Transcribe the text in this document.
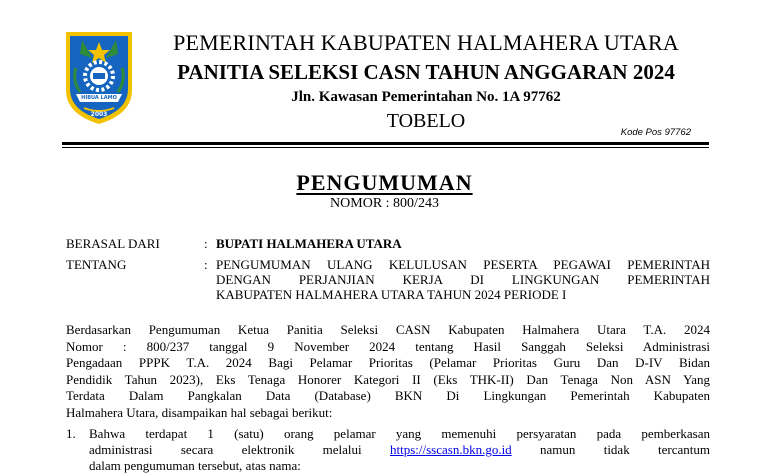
HIBUA LAMO
2003
PEMERINTAH KABUPATEN HALMAHERA UTARA
PANITIA SELEKSI CASN TAHUN ANGGARAN 2024
Jln. Kawasan Pemerintahan No. 1A 97762
TOBELO
Kode Pos 97762
PENGUMUMAN
NOMOR : 800/243
BERASAL DARI	: BUPATI HALMAHERA UTARA
TENTANG	: PENGUMUMAN ULANG KELULUSAN PESERTA PEGAWAI PEMERINTAH
DENGAN PERJANJIAN KERJA DI LINGKUNGAN PEMERINTAH
KABUPATEN HALMAHERA UTARA TAHUN 2024 PERIODE I
Berdasarkan Pengumuman Ketua Panitia Seleksi CASN Kabupaten Halmahera Utara T.A. 2024
Nomor : 800/237 tanggal 9 November 2024 tentang Hasil Sanggah Seleksi Administrasi
Pengadaan PPPK T.A. 2024 Bagi Pelamar Prioritas (Pelamar Prioritas Guru Dan D-IV Bidan
Pendidik Tahun 2023), Eks Tenaga Honorer Kategori II (Eks THK-II) Dan Tenaga Non ASN Yang
Terdata Dalam Pangkalan Data (Database) BKN Di Lingkungan Pemerintah Kabupaten
Halmahera Utara, disampaikan hal sebagai berikut:
1. Bahwa terdapat 1 (satu) orang pelamar yang memenuhi persyaratan pada pemberkasan
administrasi secara elektronik melalui https://sscasn.bkn.go.id namun tidak tercantum
dalam pengumuman tersebut, atas nama:
